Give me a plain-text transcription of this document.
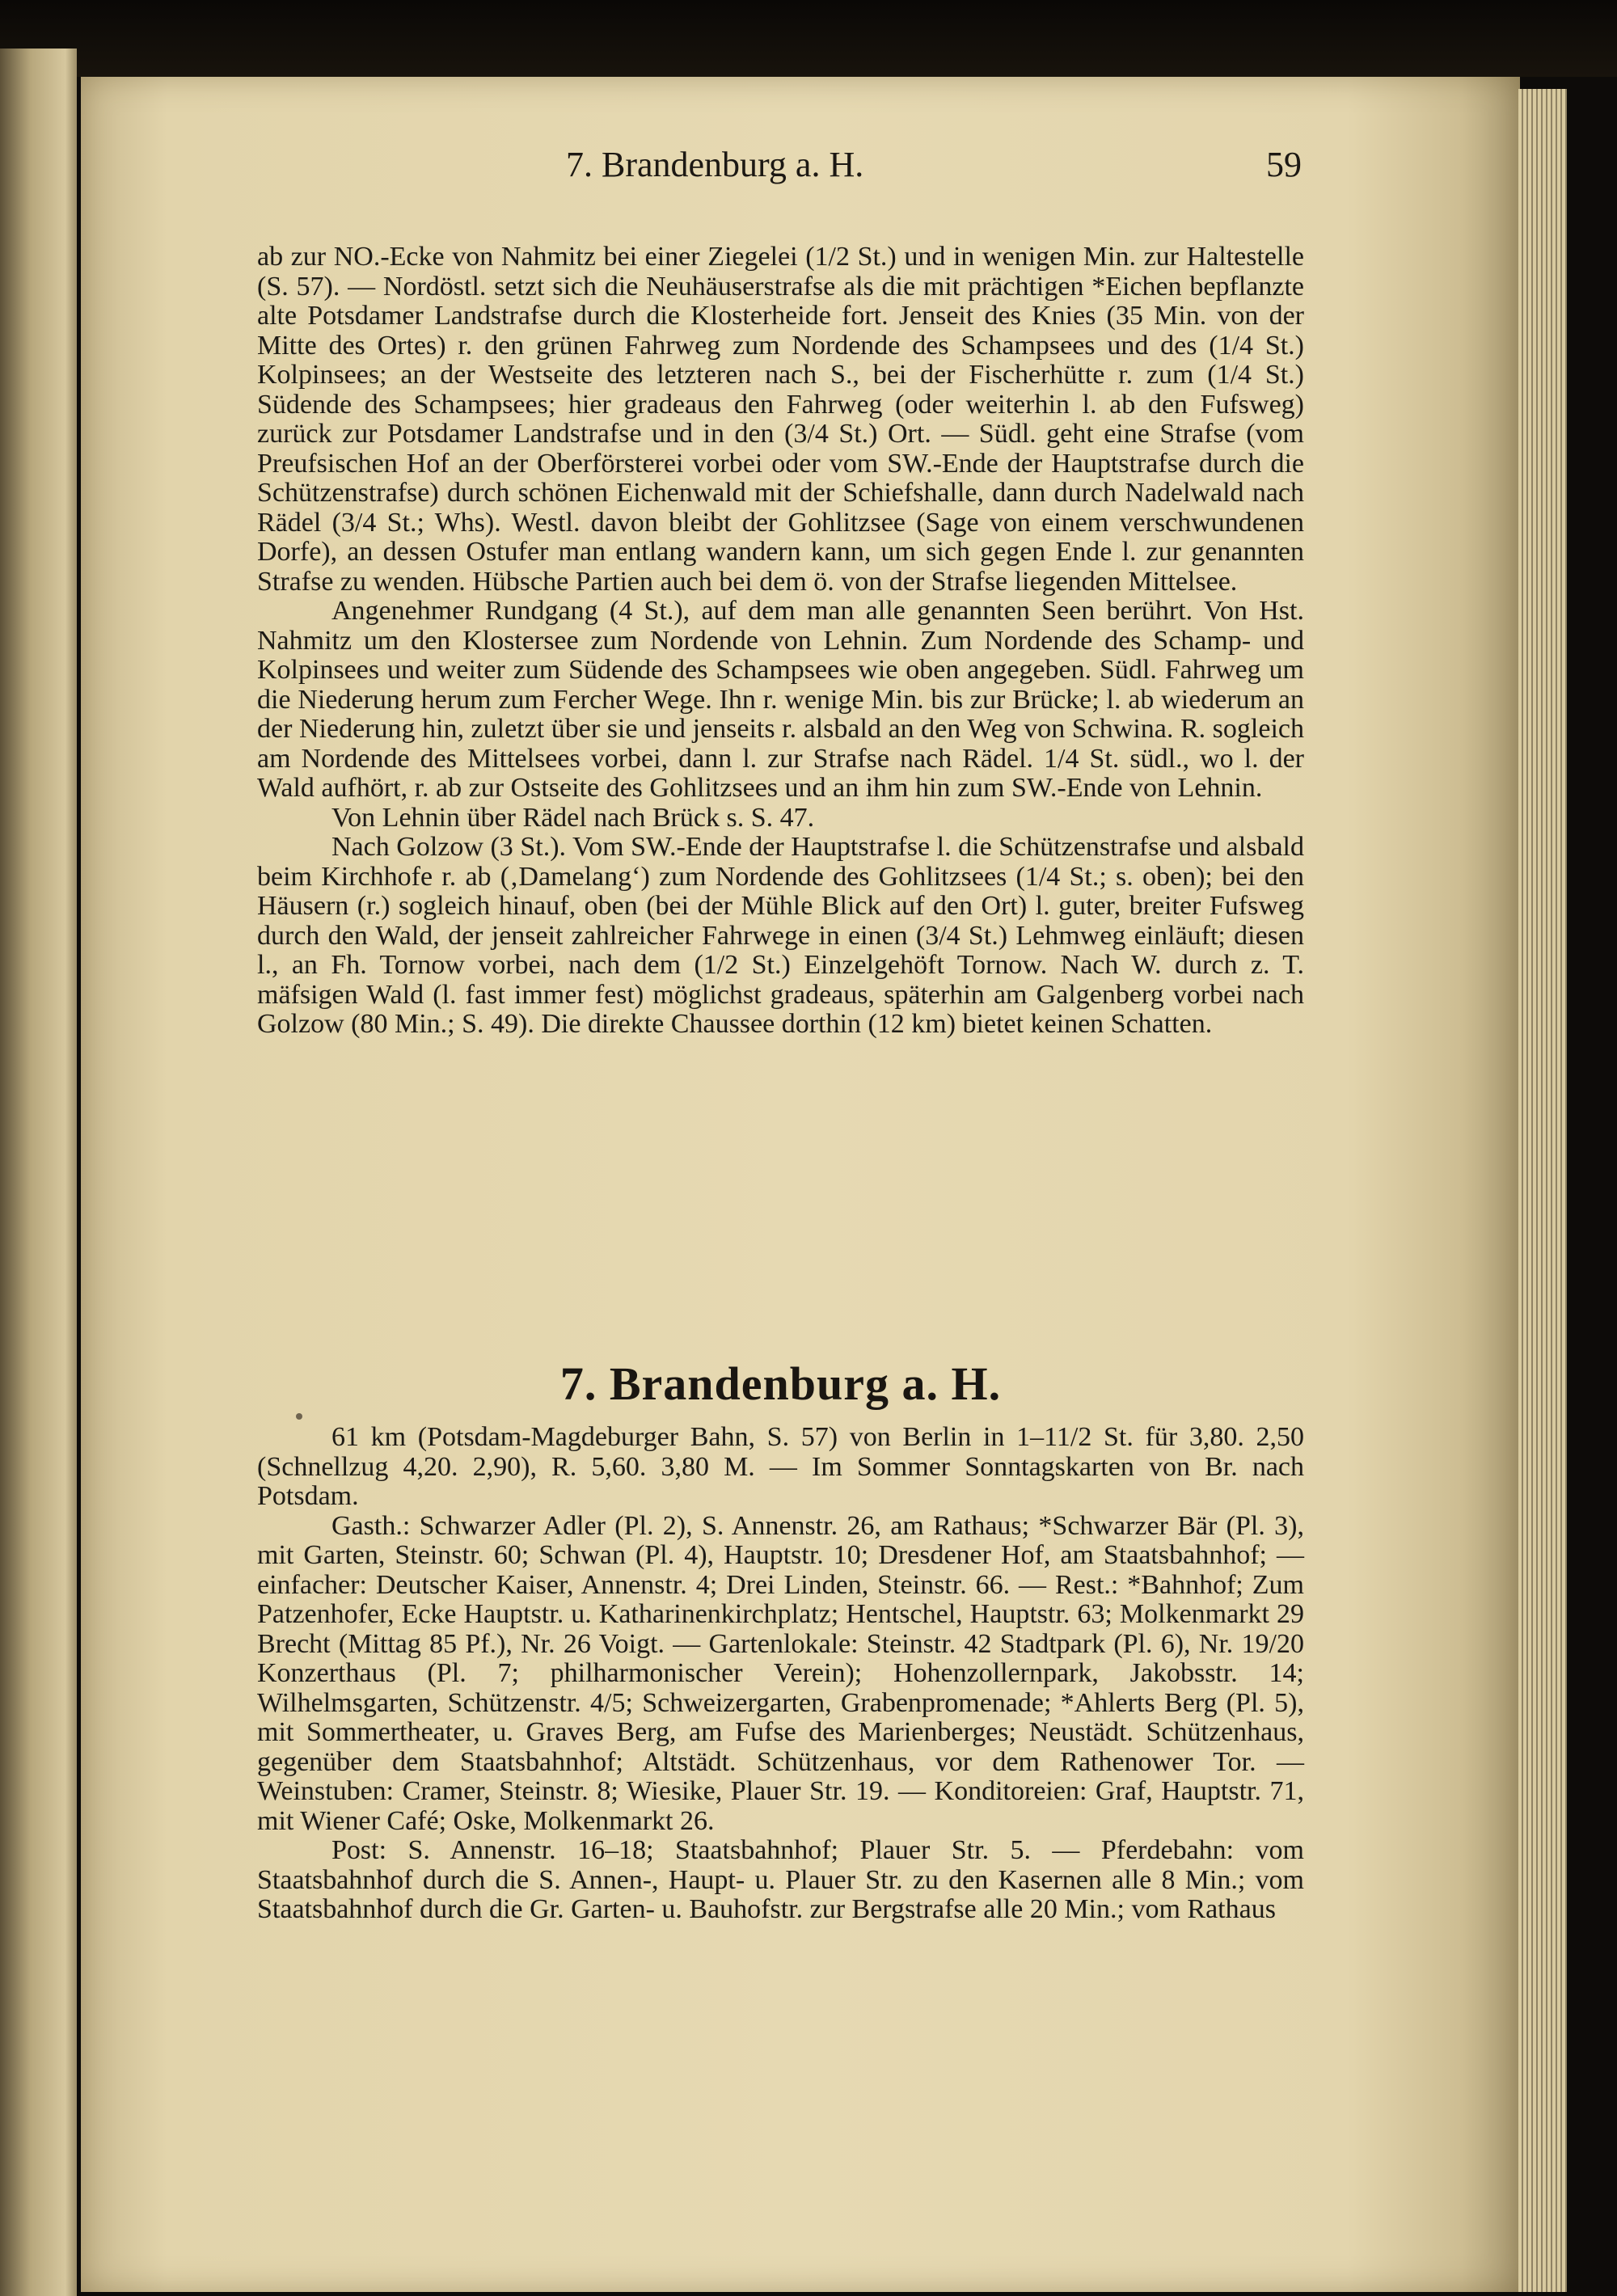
7. Brandenburg a. H.	59

ab zur NO.-Ecke von Nahmitz bei einer Ziegelei (1/2 St.) und in wenigen Min. zur Haltestelle (S. 57). — Nordöstl. setzt sich die Neuhäuserstrafse als die mit prächtigen *Eichen bepflanzte alte Potsdamer Landstrafse durch die Klosterheide fort. Jenseit des Knies (35 Min. von der Mitte des Ortes) r. den grünen Fahrweg zum Nordende des Schampsees und des (1/4 St.) Kolpinsees; an der Westseite des letzteren nach S., bei der Fischerhütte r. zum (1/4 St.) Südende des Schampsees; hier gradeaus den Fahrweg (oder weiterhin l. ab den Fufsweg) zurück zur Potsdamer Landstrafse und in den (3/4 St.) Ort. — Südl. geht eine Strafse (vom Preufsischen Hof an der Oberförsterei vorbei oder vom SW.-Ende der Hauptstrafse durch die Schützenstrafse) durch schönen Eichenwald mit der Schiefshalle, dann durch Nadelwald nach Rädel (3/4 St.; Whs). Westl. davon bleibt der Gohlitzsee (Sage von einem verschwundenen Dorfe), an dessen Ostufer man entlang wandern kann, um sich gegen Ende l. zur genannten Strafse zu wenden. Hübsche Partien auch bei dem ö. von der Strafse liegenden Mittelsee.

Angenehmer Rundgang (4 St.), auf dem man alle genannten Seen berührt. Von Hst. Nahmitz um den Klostersee zum Nordende von Lehnin. Zum Nordende des Schamp- und Kolpinsees und weiter zum Südende des Schampsees wie oben angegeben. Südl. Fahrweg um die Niederung herum zum Fercher Wege. Ihn r. wenige Min. bis zur Brücke; l. ab wiederum an der Niederung hin, zuletzt über sie und jenseits r. alsbald an den Weg von Schwina. R. sogleich am Nordende des Mittelsees vorbei, dann l. zur Strafse nach Rädel. 1/4 St. südl., wo l. der Wald aufhört, r. ab zur Ostseite des Gohlitzsees und an ihm hin zum SW.-Ende von Lehnin.

Von Lehnin über Rädel nach Brück s. S. 47.

Nach Golzow (3 St.). Vom SW.-Ende der Hauptstrafse l. die Schützenstrafse und alsbald beim Kirchhofe r. ab (‚Damelang‘) zum Nordende des Gohlitzsees (1/4 St.; s. oben); bei den Häusern (r.) sogleich hinauf, oben (bei der Mühle Blick auf den Ort) l. guter, breiter Fufsweg durch den Wald, der jenseit zahlreicher Fahrwege in einen (3/4 St.) Lehmweg einläuft; diesen l., an Fh. Tornow vorbei, nach dem (1/2 St.) Einzelgehöft Tornow. Nach W. durch z. T. mäfsigen Wald (l. fast immer fest) möglichst gradeaus, späterhin am Galgenberg vorbei nach Golzow (80 Min.; S. 49). Die direkte Chaussee dorthin (12 km) bietet keinen Schatten.

7. Brandenburg a. H.

61 km (Potsdam-Magdeburger Bahn, S. 57) von Berlin in 1–11/2 St. für 3,80. 2,50 (Schnellzug 4,20. 2,90), R. 5,60. 3,80 M. — Im Sommer Sonntagskarten von Br. nach Potsdam.

Gasth.: Schwarzer Adler (Pl. 2), S. Annenstr. 26, am Rathaus; *Schwarzer Bär (Pl. 3), mit Garten, Steinstr. 60; Schwan (Pl. 4), Hauptstr. 10; Dresdener Hof, am Staatsbahnhof; — einfacher: Deutscher Kaiser, Annenstr. 4; Drei Linden, Steinstr. 66. — Rest.: *Bahnhof; Zum Patzenhofer, Ecke Hauptstr. u. Katharinenkirchplatz; Hentschel, Hauptstr. 63; Molkenmarkt 29 Brecht (Mittag 85 Pf.), Nr. 26 Voigt. — Gartenlokale: Steinstr. 42 Stadtpark (Pl. 6), Nr. 19/20 Konzerthaus (Pl. 7; philharmonischer Verein); Hohenzollernpark, Jakobsstr. 14; Wilhelmsgarten, Schützenstr. 4/5; Schweizergarten, Grabenpromenade; *Ahlerts Berg (Pl. 5), mit Sommertheater, u. Graves Berg, am Fufse des Marienberges; Neustädt. Schützenhaus, gegenüber dem Staatsbahnhof; Altstädt. Schützenhaus, vor dem Rathenower Tor. — Weinstuben: Cramer, Steinstr. 8; Wiesike, Plauer Str. 19. — Konditoreien: Graf, Hauptstr. 71, mit Wiener Café; Oske, Molkenmarkt 26.

Post: S. Annenstr. 16–18; Staatsbahnhof; Plauer Str. 5. — Pferdebahn: vom Staatsbahnhof durch die S. Annen-, Haupt- u. Plauer Str. zu den Kasernen alle 8 Min.; vom Staatsbahnhof durch die Gr. Garten- u. Bauhofstr. zur Bergstrafse alle 20 Min.; vom Rathaus
